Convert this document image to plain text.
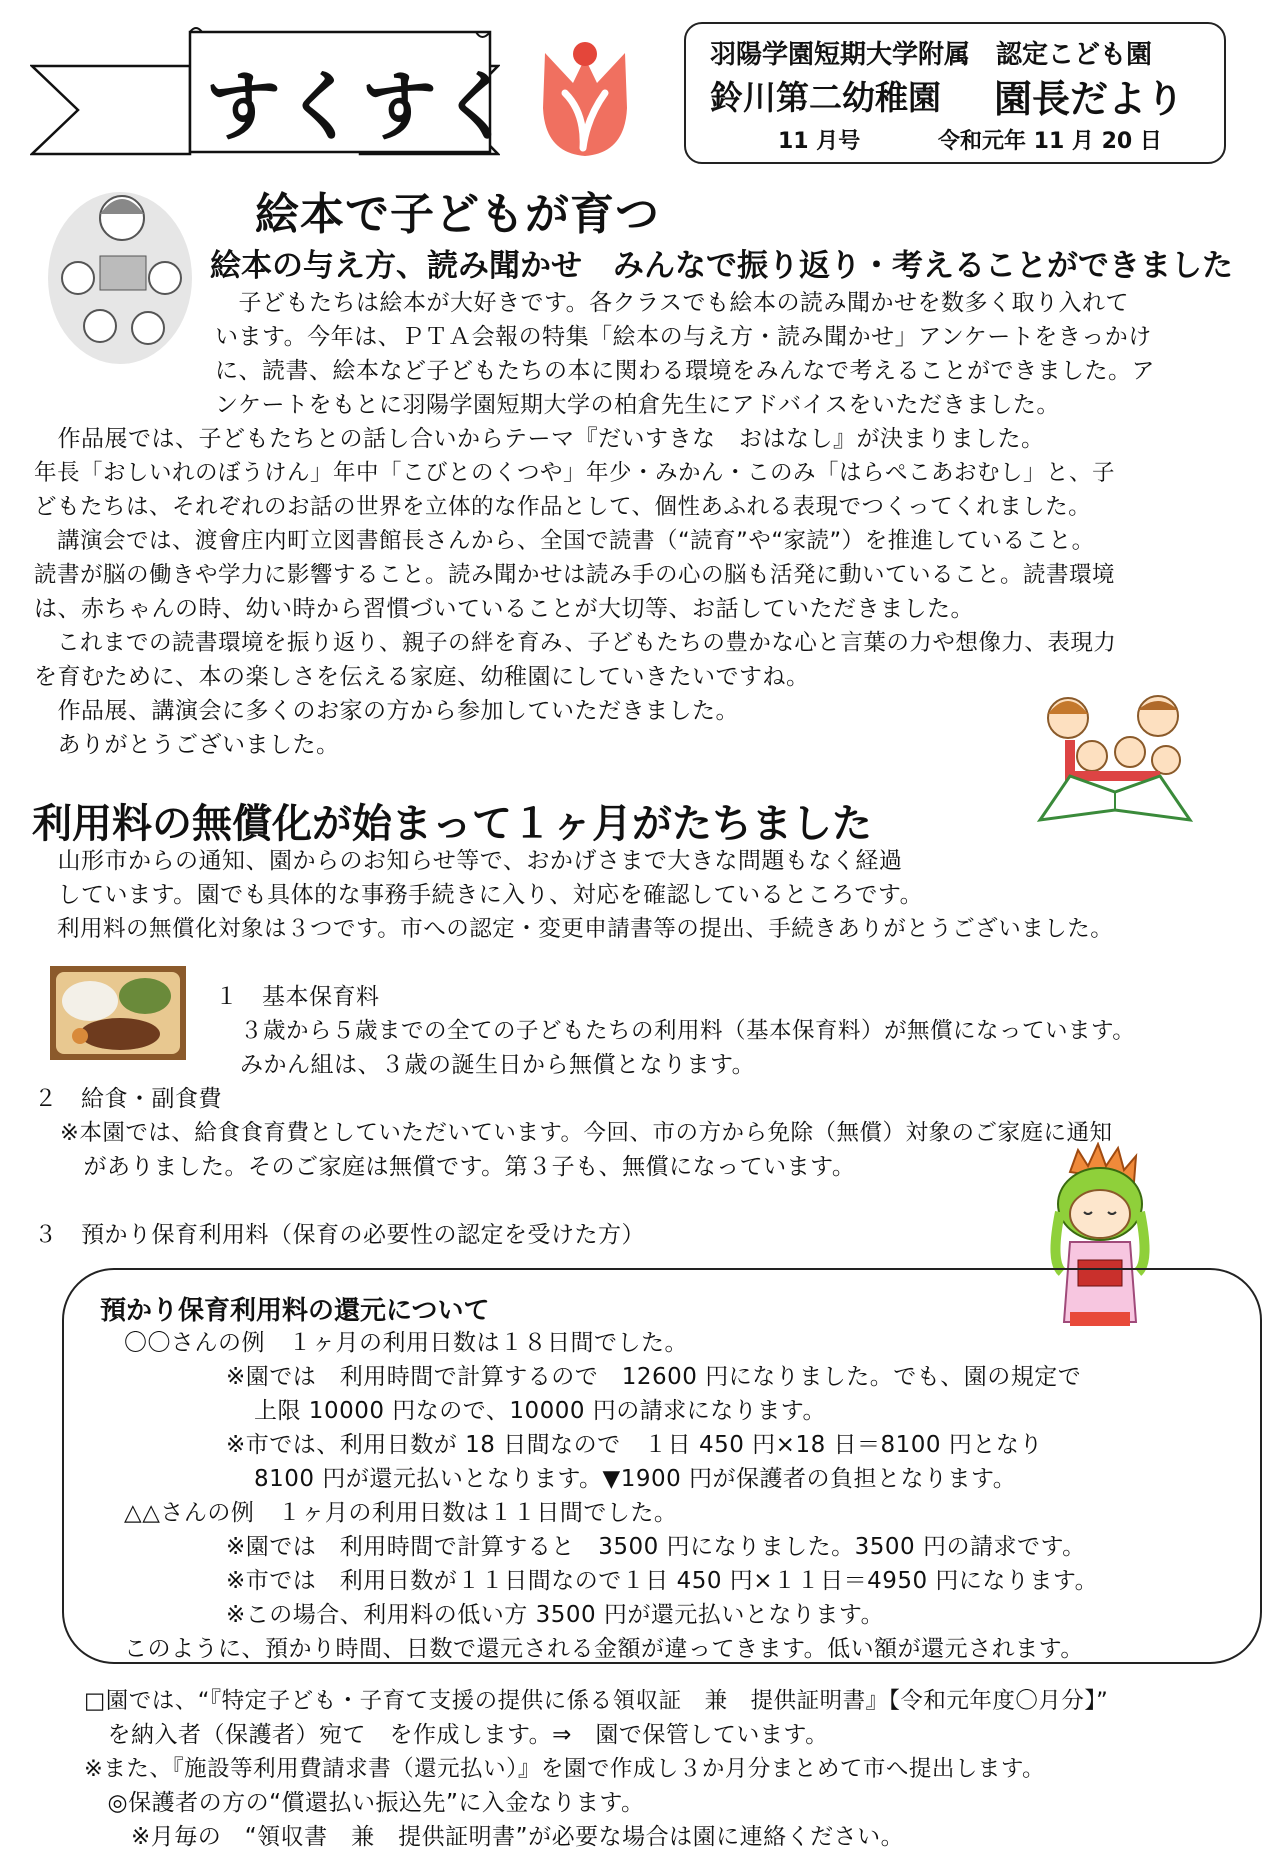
すくすく
羽陽学園短期大学附属　認定こども園
鈴川第二幼稚園 園長だより
11 月号	令和元年 11 月 20 日
絵本で子どもが育つ
絵本の与え方、読み聞かせ　みんなで振り返り・考えることができました
　子どもたちは絵本が大好きです。各クラスでも絵本の読み聞かせを数多く取り入れて
います。今年は、ＰＴＡ会報の特集「絵本の与え方・読み聞かせ」アンケートをきっかけ
に、読書、絵本など子どもたちの本に関わる環境をみんなで考えることができました。ア
ンケートをもとに羽陽学園短期大学の柏倉先生にアドバイスをいただきました。
　作品展では、子どもたちとの話し合いからテーマ『だいすきな　おはなし』が決まりました。
年長「おしいれのぼうけん」年中「こびとのくつや」年少・みかん・このみ「はらぺこあおむし」と、子
どもたちは、それぞれのお話の世界を立体的な作品として、個性あふれる表現でつくってくれました。
　講演会では、渡會庄内町立図書館長さんから、全国で読書（“読育”や“家読”）を推進していること。
読書が脳の働きや学力に影響すること。読み聞かせは読み手の心の脳も活発に動いていること。読書環境
は、赤ちゃんの時、幼い時から習慣づいていることが大切等、お話していただきました。
　これまでの読書環境を振り返り、親子の絆を育み、子どもたちの豊かな心と言葉の力や想像力、表現力
を育むために、本の楽しさを伝える家庭、幼稚園にしていきたいですね。
　作品展、講演会に多くのお家の方から参加していただきました。
　ありがとうございました。
利用料の無償化が始まって１ヶ月がたちました
　山形市からの通知、園からのお知らせ等で、おかげさまで大きな問題もなく経過
　しています。園でも具体的な事務手続きに入り、対応を確認しているところです。
　利用料の無償化対象は３つです。市への認定・変更申請書等の提出、手続きありがとうございました。
１　基本保育料
３歳から５歳までの全ての子どもたちの利用料（基本保育料）が無償になっています。
みかん組は、３歳の誕生日から無償となります。
２　給食・副食費
※本園では、給食食育費としていただいています。今回、市の方から免除（無償）対象のご家庭に通知
　がありました。そのご家庭は無償です。第３子も、無償になっています。
３　預かり保育利用料（保育の必要性の認定を受けた方）
預かり保育利用料の還元について
〇〇さんの例　１ヶ月の利用日数は１８日間でした。
※園では　利用時間で計算するので　12600 円になりました。でも、園の規定で
上限 10000 円なので、10000 円の請求になります。
※市では、利用日数が 18 日間なので　１日 450 円×18 日＝8100 円となり
8100 円が還元払いとなります。▼1900 円が保護者の負担となります。
△△さんの例　１ヶ月の利用日数は１１日間でした。
※園では　利用時間で計算すると　3500 円になりました。3500 円の請求です。
※市では　利用日数が１１日間なので１日 450 円×１１日＝4950 円になります。
※この場合、利用料の低い方 3500 円が還元払いとなります。
このように、預かり時間、日数で還元される金額が違ってきます。低い額が還元されます。
□園では、“『特定子ども・子育て支援の提供に係る領収証　兼　提供証明書』【令和元年度〇月分】”
　を納入者（保護者）宛て　を作成します。⇒　園で保管しています。
※また、『施設等利用費請求書（還元払い）』を園で作成し３か月分まとめて市へ提出します。
　◎保護者の方の“償還払い振込先”に入金なります。
　　※月毎の　“領収書　兼　提供証明書”が必要な場合は園に連絡ください。
